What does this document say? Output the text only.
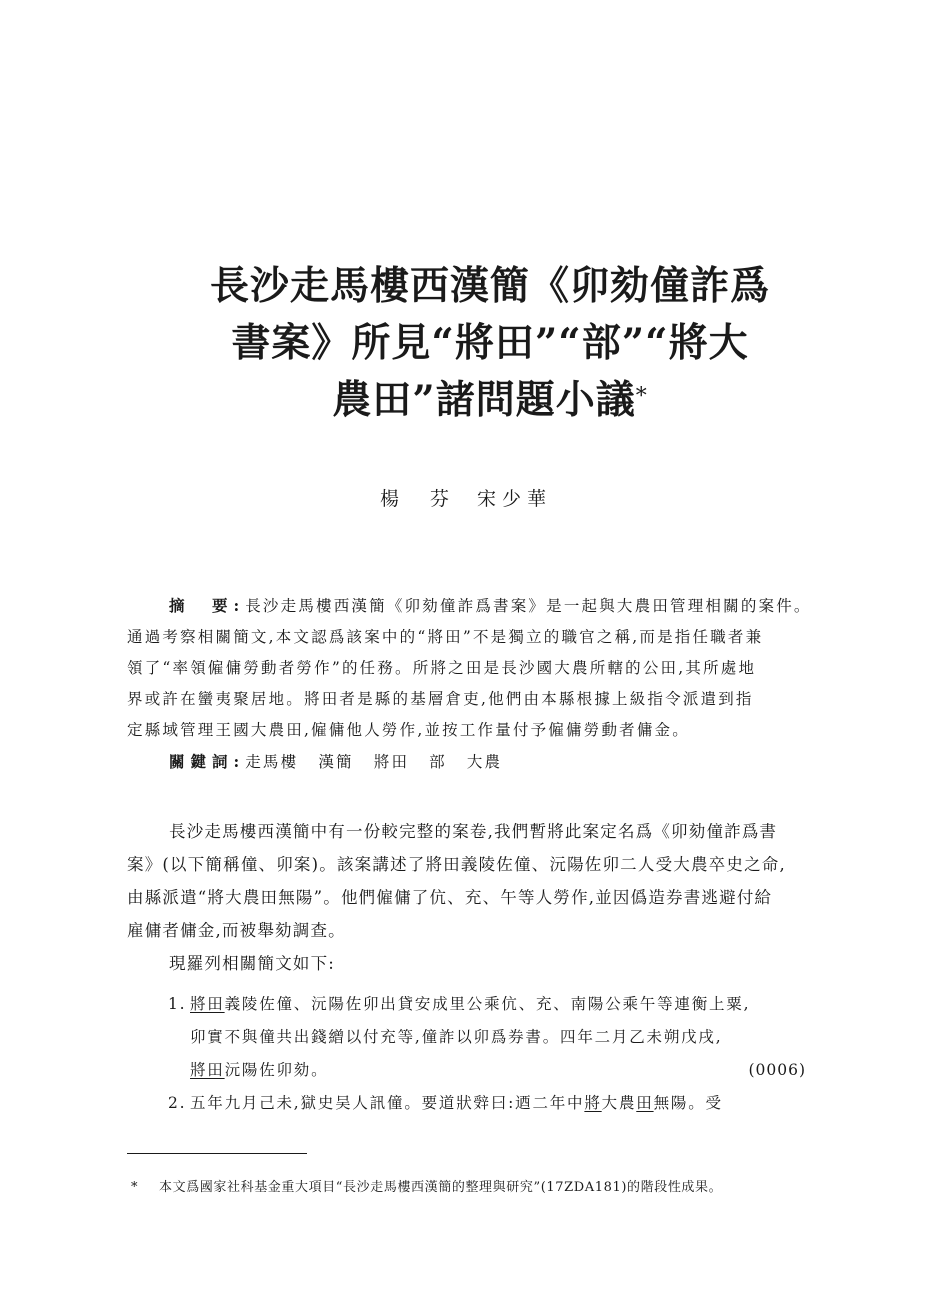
長沙走馬樓西漢簡《卯劾僮詐爲
書案》所見“將田”“部”“將大
農田”諸問題小議*
楊　芬 宋少華

摘　要:長沙走馬樓西漢簡《卯劾僮詐爲書案》是一起與大農田管理相關的案件。

通過考察相關簡文,本文認爲該案中的“將田”不是獨立的職官之稱,而是指任職者兼

領了“率領僱傭勞動者勞作”的任務。所將之田是長沙國大農所轄的公田,其所處地

界或許在蠻夷聚居地。將田者是縣的基層倉吏,他們由本縣根據上級指令派遣到指

定縣域管理王國大農田,僱傭他人勞作,並按工作量付予僱傭勞動者傭金。

關鍵詞:走馬樓 漢簡 將田 部 大農

長沙走馬樓西漢簡中有一份較完整的案卷,我們暫將此案定名爲《卯劾僮詐爲書

案》(以下簡稱僮、卯案)。該案講述了將田義陵佐僮、沅陽佐卯二人受大農卒史之命,

由縣派遣“將大農田無陽”。他們僱傭了伉、充、午等人勞作,並因僞造券書逃避付給

雇傭者傭金,而被舉劾調查。

現羅列相關簡文如下:

1. 將田義陵佐僮、沅陽佐卯出貸安成里公乘伉、充、南陽公乘午等連衡上粟,
卯實不與僮共出錢繒以付充等,僮詐以卯爲券書。四年二月乙未朔戊戌,
將田沅陽佐卯劾。	(0006)
2. 五年九月己未,獄史吴人訊僮。要道狀辤曰:迺二年中將大農田無陽。受
* 本文爲國家社科基金重大項目“長沙走馬樓西漢簡的整理與研究”(17ZDA181)的階段性成果。
